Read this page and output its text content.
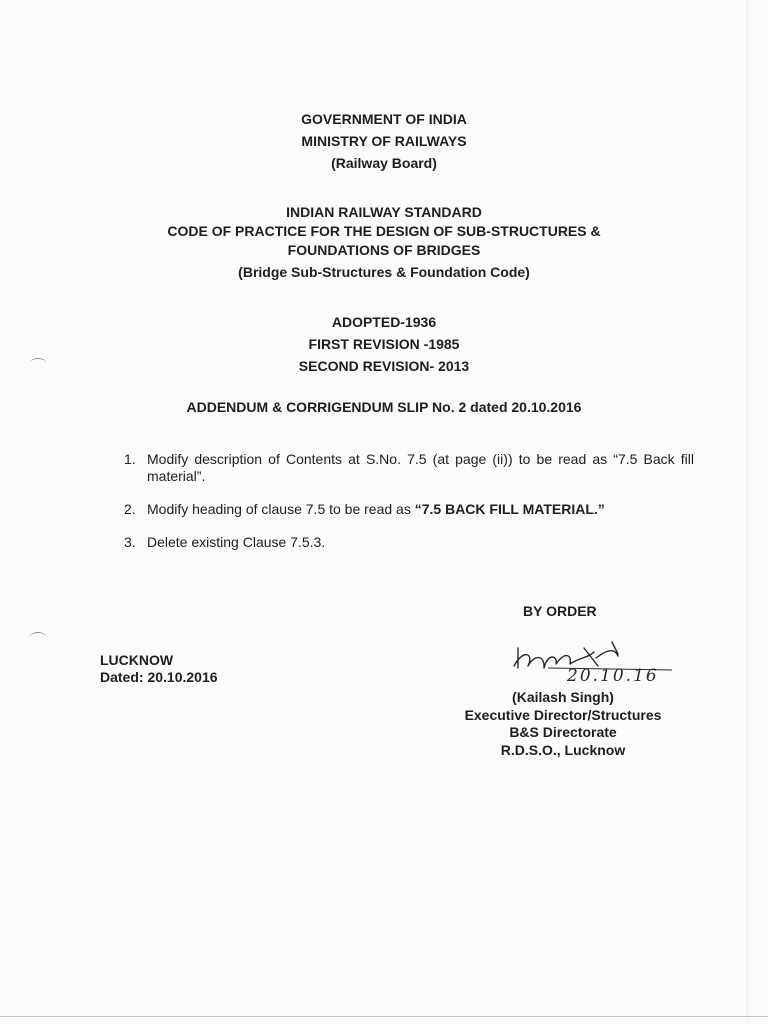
GOVERNMENT OF INDIA
MINISTRY OF RAILWAYS
(Railway Board)
INDIAN RAILWAY STANDARD
CODE OF PRACTICE FOR THE DESIGN OF SUB-STRUCTURES &
FOUNDATIONS OF BRIDGES
(Bridge Sub-Structures & Foundation Code)
ADOPTED-1936
FIRST REVISION -1985
SECOND REVISION- 2013
ADDENDUM & CORRIGENDUM SLIP No. 2 dated 20.10.2016
1. Modify description of Contents at S.No. 7.5 (at page (ii)) to be read as “7.5 Back fill material”.
2. Modify heading of clause 7.5 to be read as “7.5 BACK FILL MATERIAL.”
3. Delete existing Clause 7.5.3.
BY ORDER
LUCKNOW
Dated: 20.10.2016	20.10.16
(Kailash Singh)
Executive Director/Structures
B&S Directorate
R.D.S.O., Lucknow
